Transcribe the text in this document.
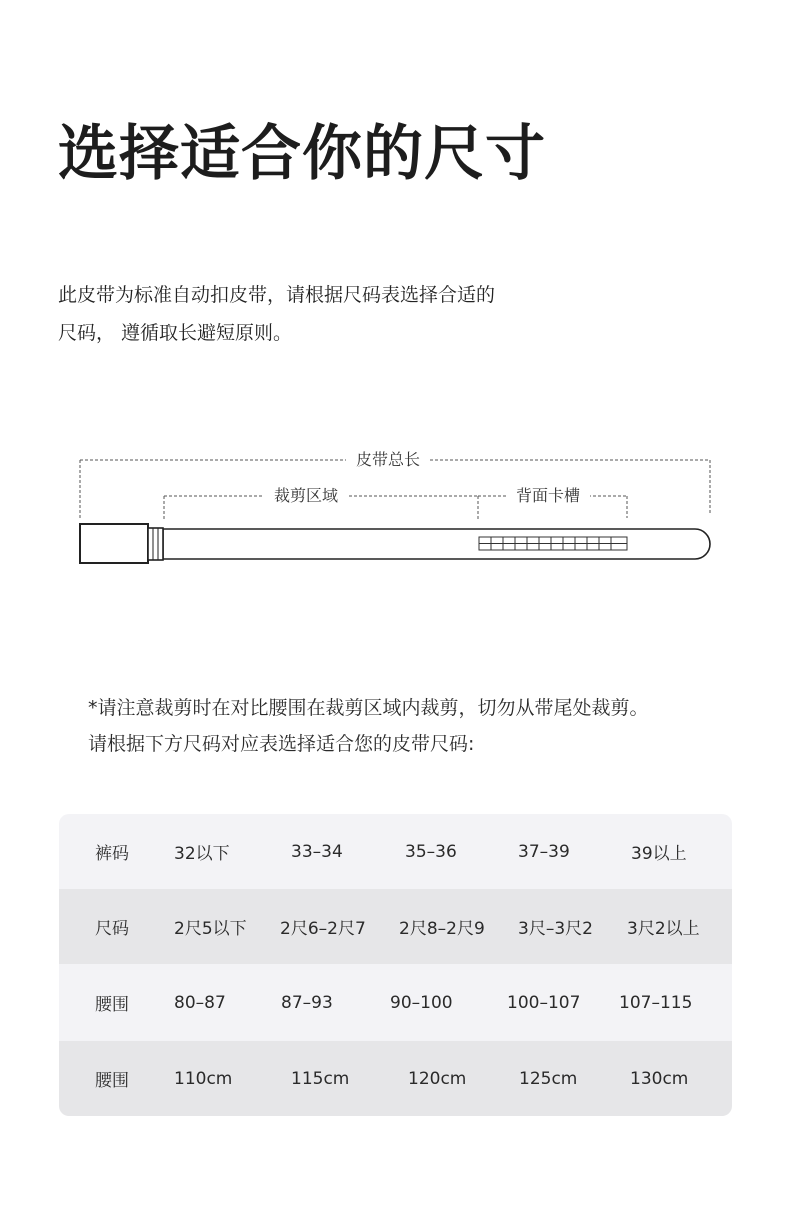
选择适合你的尺寸
此皮带为标准自动扣皮带，请根据尺码表选择合适的
尺码， 遵循取长避短原则。
皮带总长
裁剪区域	背面卡槽
*请注意裁剪时在对比腰围在裁剪区域内裁剪，切勿从带尾处裁剪。
请根据下方尺码对应表选择适合您的皮带尺码:
裤码	32以下	33–34	35–36	37–39	39以上
尺码	2尺5以下 2尺6–2尺7 2尺8–2尺9 3尺–3尺2 3尺2以上
腰围	80–87	87–93	90–100	100–107 107–115
腰围	110cm	115cm	120cm	125cm	130cm
